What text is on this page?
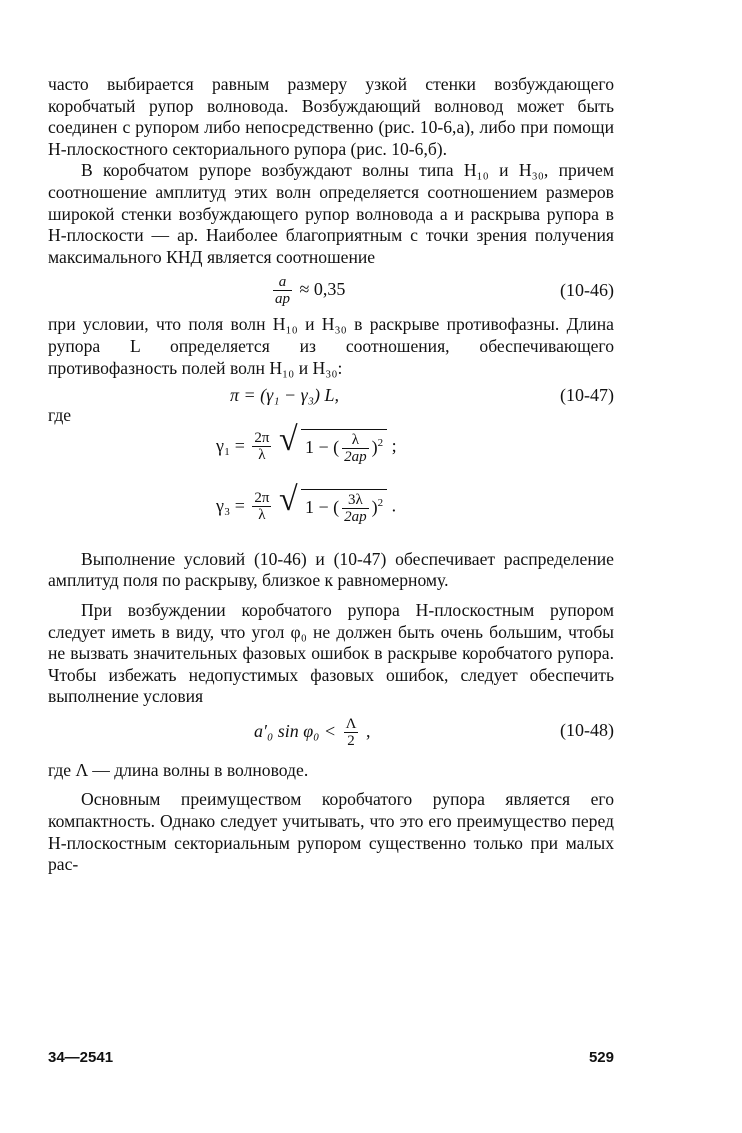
часто выбирается равным размеру узкой стенки возбуждающего коробчатый рупор волновода. Возбуждающий волновод может быть соединен с рупором либо непосредственно (рис. 10-6,а), либо при помощи H-плоскостного секториального рупора (рис. 10-6,б).

В коробчатом рупоре возбуждают волны типа H₁₀ и H₃₀, причем соотношение амплитуд этих волн определяется соотношением размеров широкой стенки возбуждающего рупор волновода a и раскрыва рупора в H-плоскости — aр. Наиболее благоприятным с точки зрения получения максимального КНД является соотношение

$\frac{a}{aр} \approx 0,35$	(10-46)

при условии, что поля волн H₁₀ и H₃₀ в раскрыве противофазны. Длина рупора L определяется из соотношения, обеспечивающего противофазность полей волн H₁₀ и H₃₀:

π = (γ₁ − γ₃) L,	(10-47)

где

$\gamma_1 = \frac{2\pi}{\lambda}$
√ 1 − ( $\frac{\lambda}{2aр} )^2$ ;
$\gamma_3 = \frac{2\pi}{\lambda}$
√ 1 − ( $\frac{3\lambda}{2aр} )^2$ .

Выполнение условий (10-46) и (10-47) обеспечивает распределение амплитуд поля по раскрыву, близкое к равномерному.

При возбуждении коробчатого рупора H-плоскостным рупором следует иметь в виду, что угол φ₀ не должен быть очень большим, чтобы не вызвать значительных фазовых ошибок в раскрыве коробчатого рупора. Чтобы избежать недопустимых фазовых ошибок, следует обеспечить выполнение условия

a′₀ $\sin \varphi_0 < \frac{\Lambda}{2}$ ,	(10-48)

где Λ — длина волны в волноводе.

Основным преимуществом коробчатого рупора является его компактность. Однако следует учитывать, что это его преимущество перед H-плоскостным секториальным рупором существенно только при малых рас-

34—2541	529
